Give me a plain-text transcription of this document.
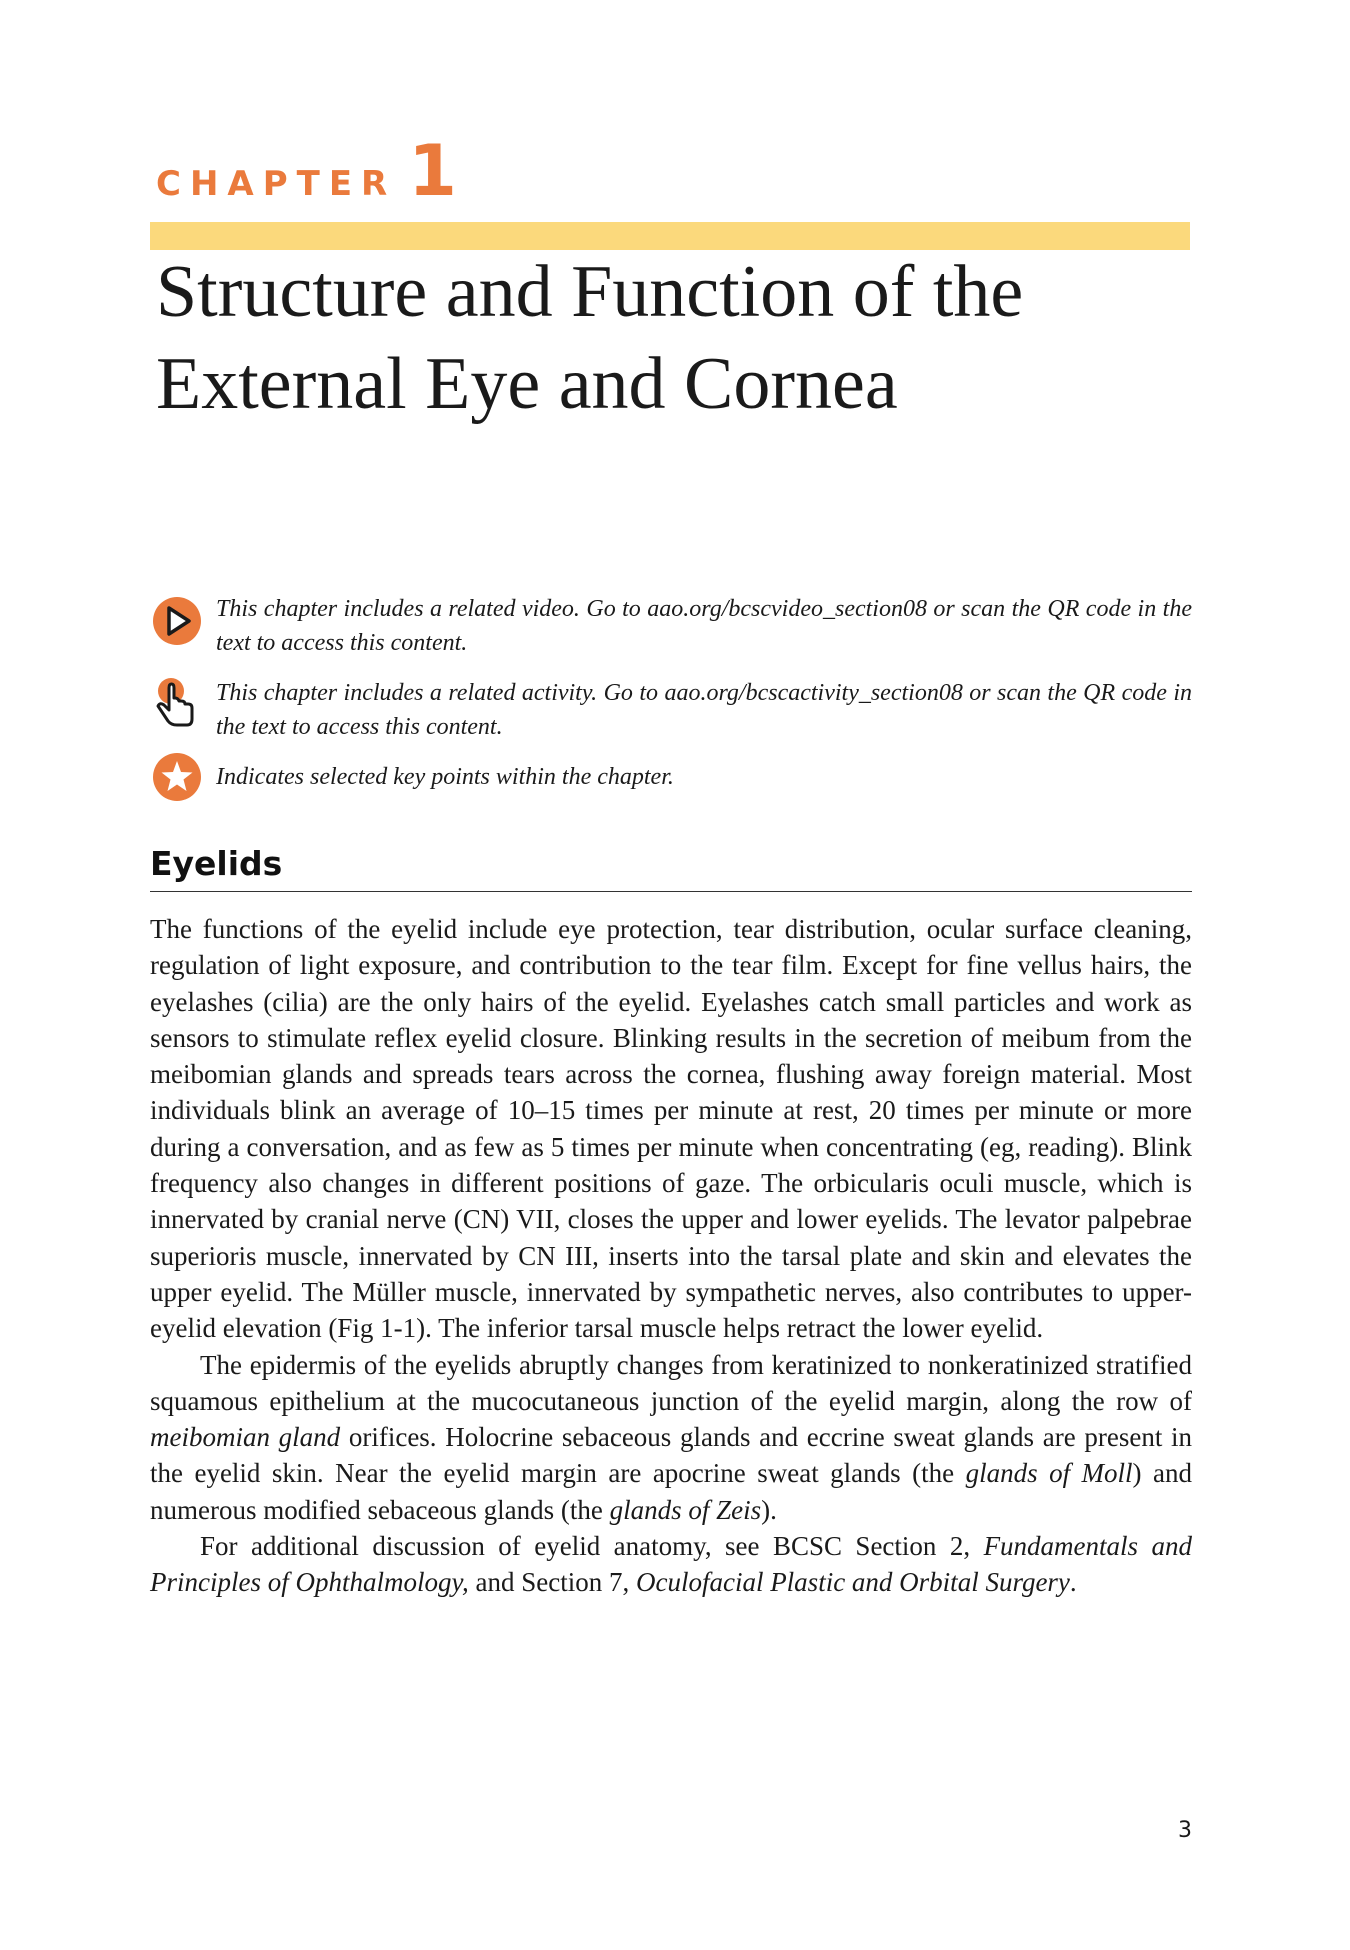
CHAPTER 1
Structure and Function of the
External Eye and Cornea
This chapter includes a related video. Go to aao.org/bcscvideo_section08 or scan the QR code in the text to access this content.
This chapter includes a related activity. Go to aao.org/bcscactivity_section08 or scan the QR code in the text to access this content.
Indicates selected key points within the chapter.
Eyelids

The functions of the eyelid include eye protection, tear distribution, ocular surface cleaning, regulation of light exposure, and contribution to the tear film. Except for fine vellus hairs, the eyelashes (cilia) are the only hairs of the eyelid. Eyelashes catch small particles and work as sensors to stimulate reflex eyelid closure. Blinking results in the secretion of meibum from the meibomian glands and spreads tears across the cornea, flushing away foreign material. Most individuals blink an average of 10–15 times per minute at rest, 20 times per minute or more during a conversation, and as few as 5 times per minute when concentrating (eg, reading). Blink frequency also changes in different positions of gaze. The orbicularis oculi muscle, which is innervated by cranial nerve (CN) VII, closes the upper and lower eyelids. The levator palpebrae superioris muscle, innervated by CN III, inserts into the tarsal plate and skin and elevates the upper eyelid. The Müller muscle, innervated by sympathetic nerves, also contributes to upper-eyelid elevation (Fig 1-1). The inferior tarsal muscle helps retract the lower eyelid.

The epidermis of the eyelids abruptly changes from keratinized to nonkeratinized stratified squamous epithelium at the mucocutaneous junction of the eyelid margin, along the row of meibomian gland orifices. Holocrine sebaceous glands and eccrine sweat glands are present in the eyelid skin. Near the eyelid margin are apocrine sweat glands (the glands of Moll) and numerous modified sebaceous glands (the glands of Zeis).

For additional discussion of eyelid anatomy, see BCSC Section 2, Fundamentals and Principles of Ophthalmology, and Section 7, Oculofacial Plastic and Orbital Surgery.

3
